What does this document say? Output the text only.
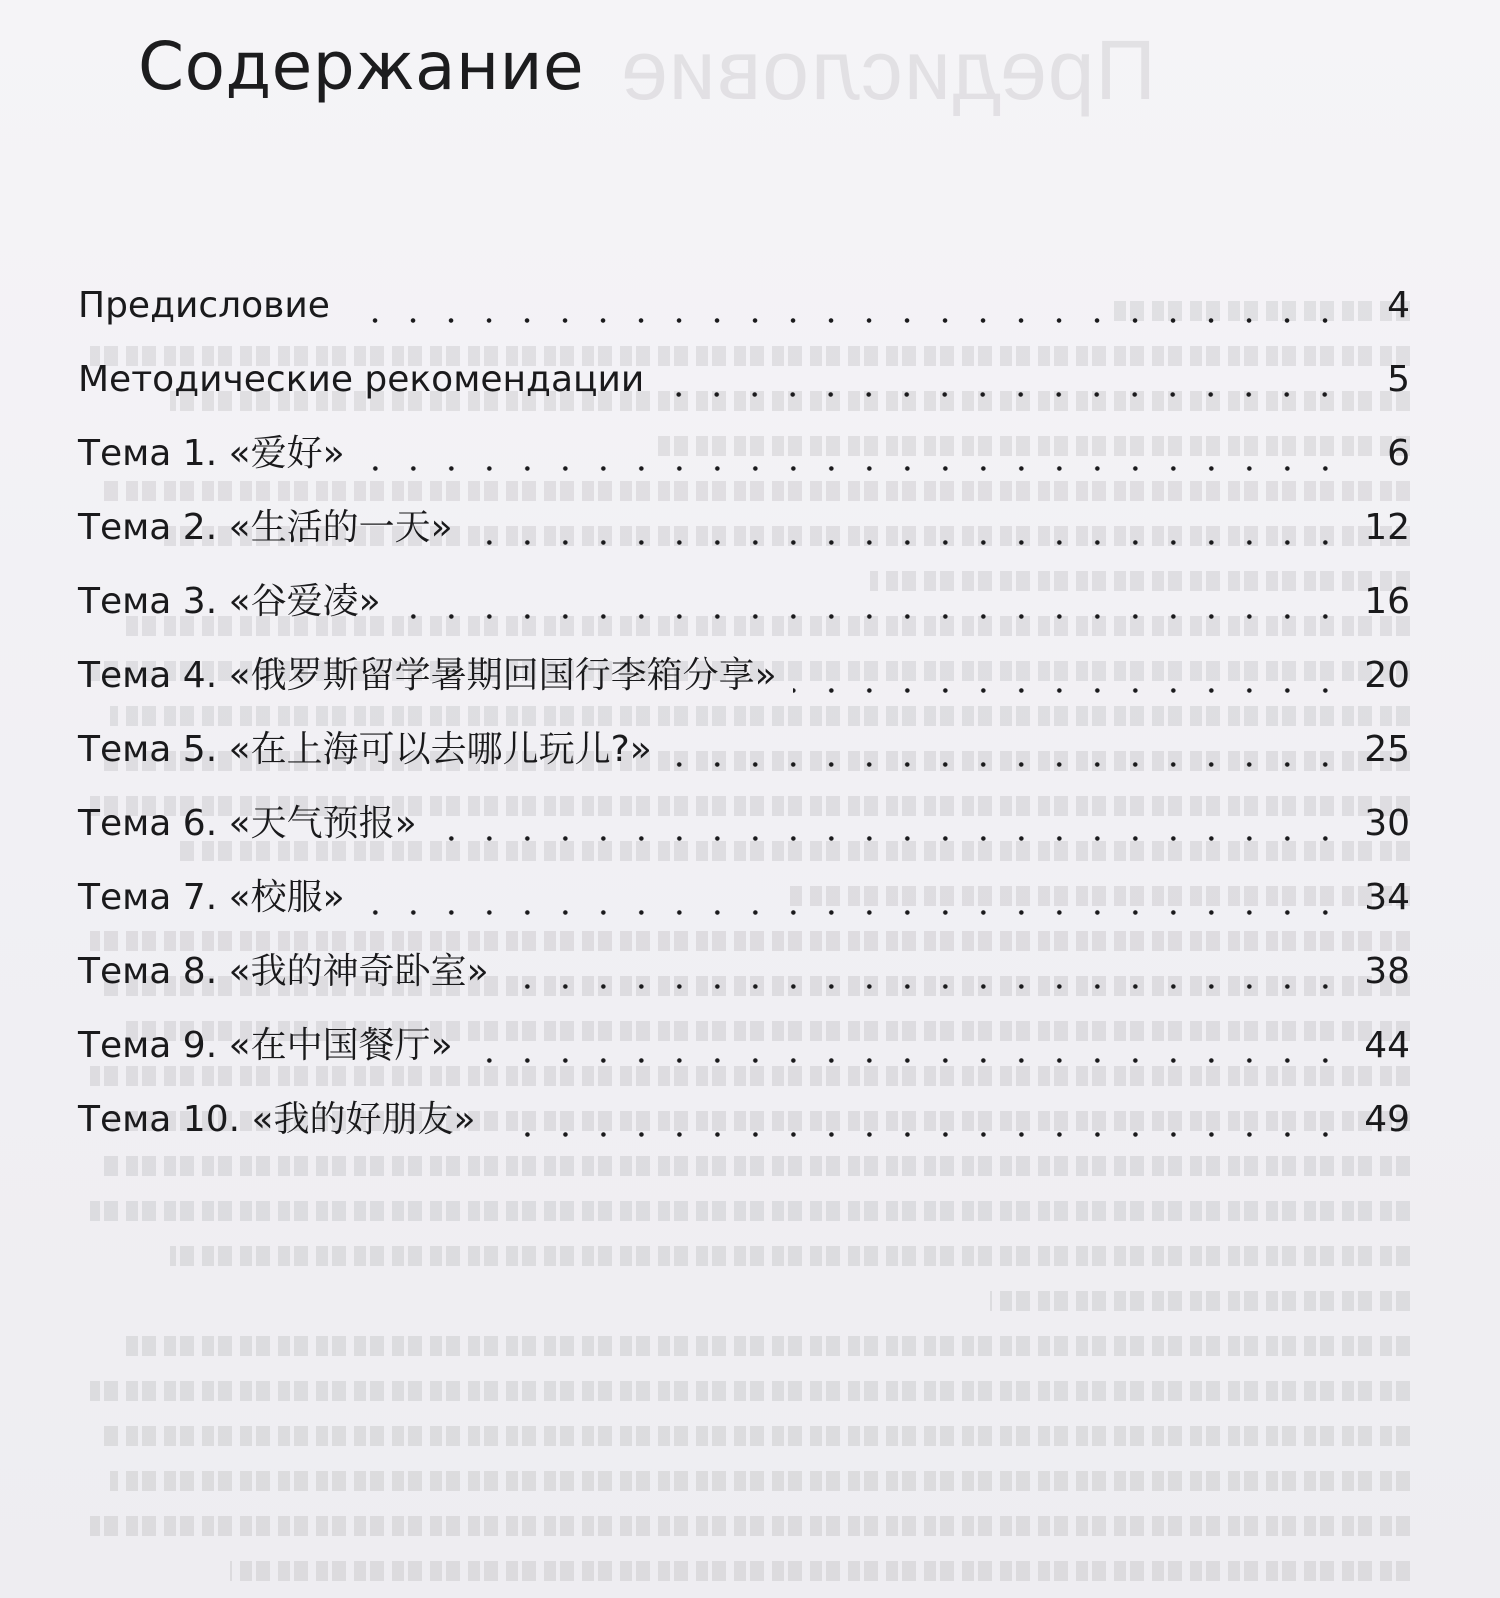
Предисловие
Содержание
Предисловие	4
Методические рекомендации	5
Тема 1. «爱好»	6
Тема 2. «生活的一天»	12
Тема 3. «谷爱凌»	16
Тема 4. «俄罗斯留学暑期回国行李箱分享»	20
Тема 5. «在上海可以去哪儿玩儿?»	25
Тема 6. «天气预报»	30
Тема 7. «校服»	34
Тема 8. «我的神奇卧室»	38
Тема 9. «在中国餐厅»	44
Тема 10. «我的好朋友»	49
